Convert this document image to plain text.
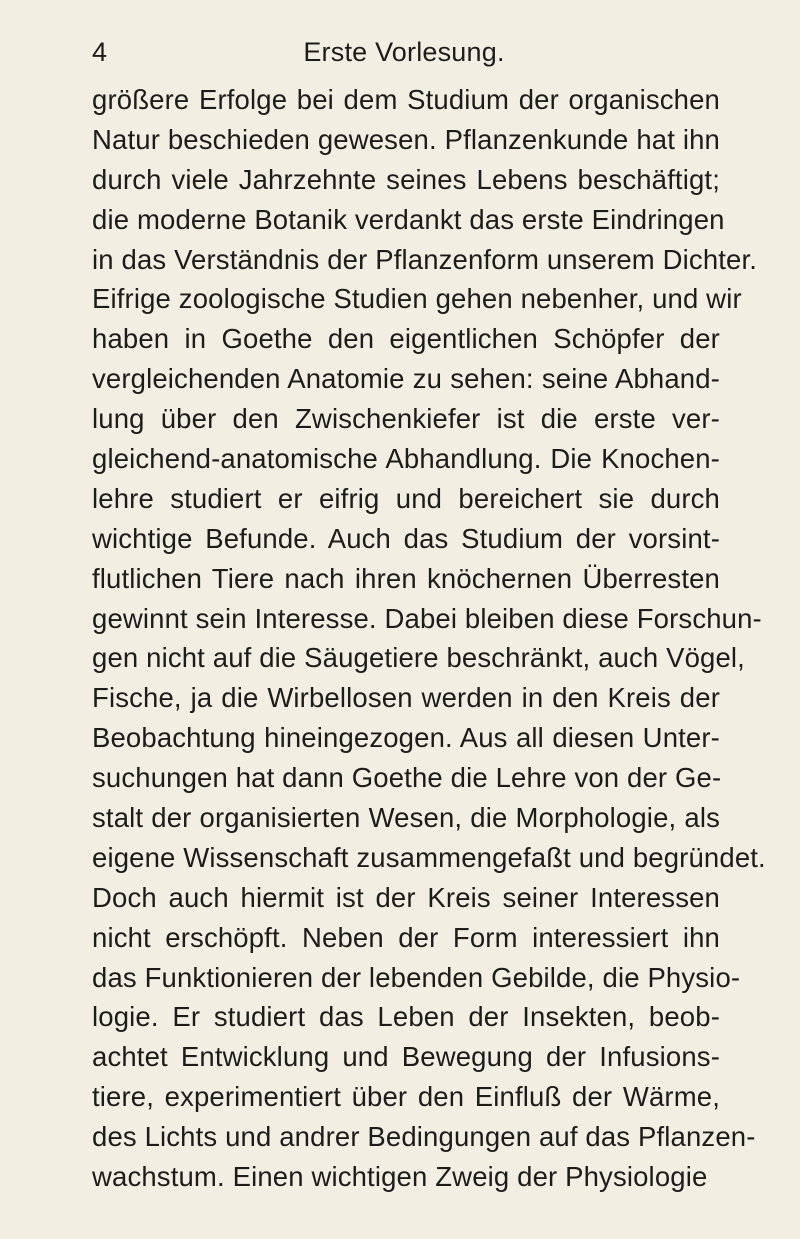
4	Erste Vorlesung.
größere Erfolge bei dem Studium der organischen
Natur beschieden gewesen. Pflanzenkunde hat ihn
durch viele Jahrzehnte seines Lebens beschäftigt;
die moderne Botanik verdankt das erste Eindringen
in das Verständnis der Pflanzenform unserem Dichter.
Eifrige zoologische Studien gehen nebenher, und wir
haben in Goethe den eigentlichen Schöpfer der
vergleichenden Anatomie zu sehen: seine Abhand-
lung über den Zwischenkiefer ist die erste ver-
gleichend-anatomische Abhandlung. Die Knochen-
lehre studiert er eifrig und bereichert sie durch
wichtige Befunde. Auch das Studium der vorsint-
flutlichen Tiere nach ihren knöchernen Überresten
gewinnt sein Interesse. Dabei bleiben diese Forschun-
gen nicht auf die Säugetiere beschränkt, auch Vögel,
Fische, ja die Wirbellosen werden in den Kreis der
Beobachtung hineingezogen. Aus all diesen Unter-
suchungen hat dann Goethe die Lehre von der Ge-
stalt der organisierten Wesen, die Morphologie, als
eigene Wissenschaft zusammengefaßt und begründet.
Doch auch hiermit ist der Kreis seiner Interessen
nicht erschöpft. Neben der Form interessiert ihn
das Funktionieren der lebenden Gebilde, die Physio-
logie. Er studiert das Leben der Insekten, beob-
achtet Entwicklung und Bewegung der Infusions-
tiere, experimentiert über den Einfluß der Wärme,
des Lichts und andrer Bedingungen auf das Pflanzen-
wachstum. Einen wichtigen Zweig der Physiologie
